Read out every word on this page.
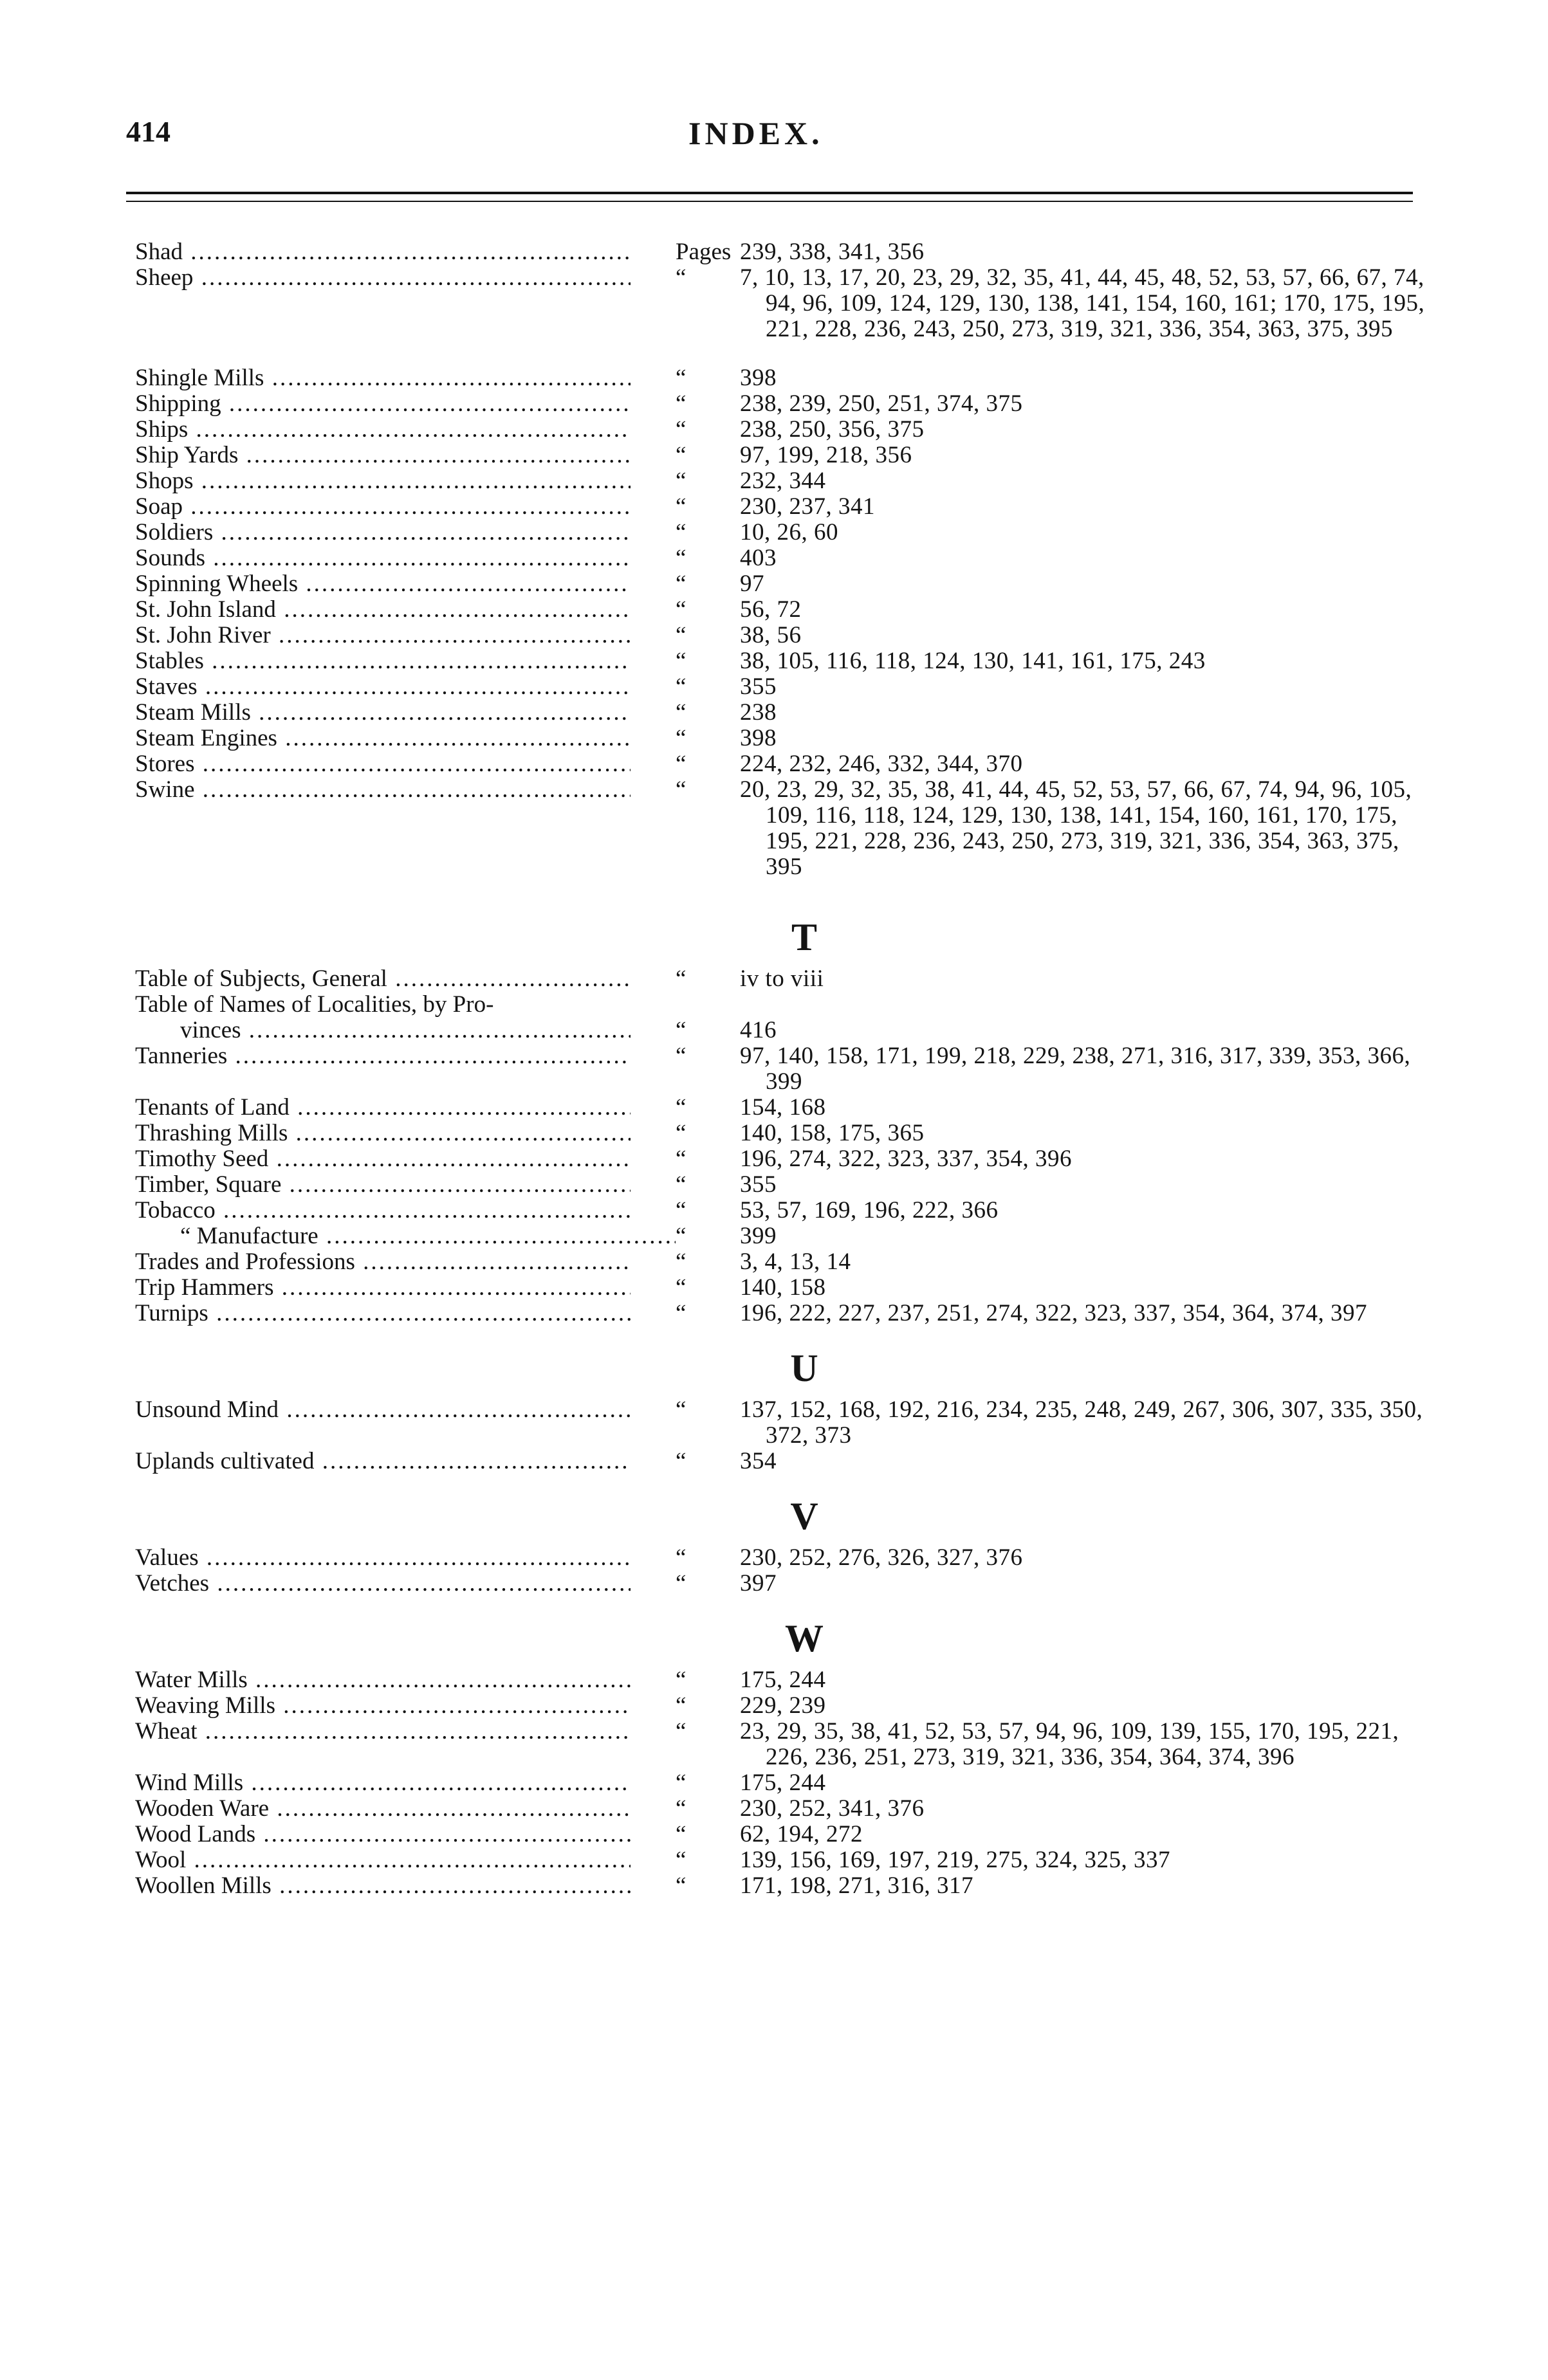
414	INDEX.
Shad .....	Pages 239, 338, 341, 356
Sheep .....	“	7, 10, 13, 17, 20, 23, 29, 32, 35, 41, 44, 45, 48, 52, 53, 57, 66, 67, 74, 94, 96, 109, 124, 129, 130, 138, 141, 154, 160, 161; 170, 175, 195, 221, 228, 236, 243, 250, 273, 319, 321, 336, 354, 363, 375, 395
Shingle Mills .....	“	398
Shipping .....	“	238, 239, 250, 251, 374, 375
Ships .....	“	238, 250, 356, 375
Ship Yards .....	“	97, 199, 218, 356
Shops .....	“	232, 344
Soap .....	“	230, 237, 341
Soldiers .....	“	10, 26, 60
Sounds .....	“	403
Spinning Wheels .....	“	97
St. John Island .....	“	56, 72
St. John River .....	“	38, 56
Stables .....	“	38, 105, 116, 118, 124, 130, 141, 161, 175, 243
Staves .....	“	355
Steam Mills .....	“	238
Steam Engines .....	“	398
Stores .....	“	224, 232, 246, 332, 344, 370
Swine .....	“	20, 23, 29, 32, 35, 38, 41, 44, 45, 52, 53, 57, 66, 67, 74, 94, 96, 105, 109, 116, 118, 124, 129, 130, 138, 141, 154, 160, 161, 170, 175, 195, 221, 228, 236, 243, 250, 273, 319, 321, 336, 354, 363, 375, 395
T
Table of Subjects, General .....	“	iv to viii
Table of Names of Localities, by Pro-
vinces .....	“	416
Tanneries .....	“	97, 140, 158, 171, 199, 218, 229, 238, 271, 316, 317, 339, 353, 366, 399
Tenants of Land .....	“	154, 168
Thrashing Mills .....	“	140, 158, 175, 365
Timothy Seed .....	“	196, 274, 322, 323, 337, 354, 396
Timber, Square .....	“	355
Tobacco .....	“	53, 57, 169, 196, 222, 366
“ Manufacture .....	“	399
Trades and Professions .....	“	3, 4, 13, 14
Trip Hammers .....	“	140, 158
Turnips .....	“	196, 222, 227, 237, 251, 274, 322, 323, 337, 354, 364, 374, 397
U
Unsound Mind .....	“	137, 152, 168, 192, 216, 234, 235, 248, 249, 267, 306, 307, 335, 350, 372, 373
Uplands cultivated .....	“	354
V
Values .....	“	230, 252, 276, 326, 327, 376
Vetches .....	“	397
W
Water Mills .....	“	175, 244
Weaving Mills .....	“	229, 239
Wheat .....	“	23, 29, 35, 38, 41, 52, 53, 57, 94, 96, 109, 139, 155, 170, 195, 221, 226, 236, 251, 273, 319, 321, 336, 354, 364, 374, 396
Wind Mills .....	“	175, 244
Wooden Ware .....	“	230, 252, 341, 376
Wood Lands .....	“	62, 194, 272
Wool .....	“	139, 156, 169, 197, 219, 275, 324, 325, 337
Woollen Mills .....	“	171, 198, 271, 316, 317
